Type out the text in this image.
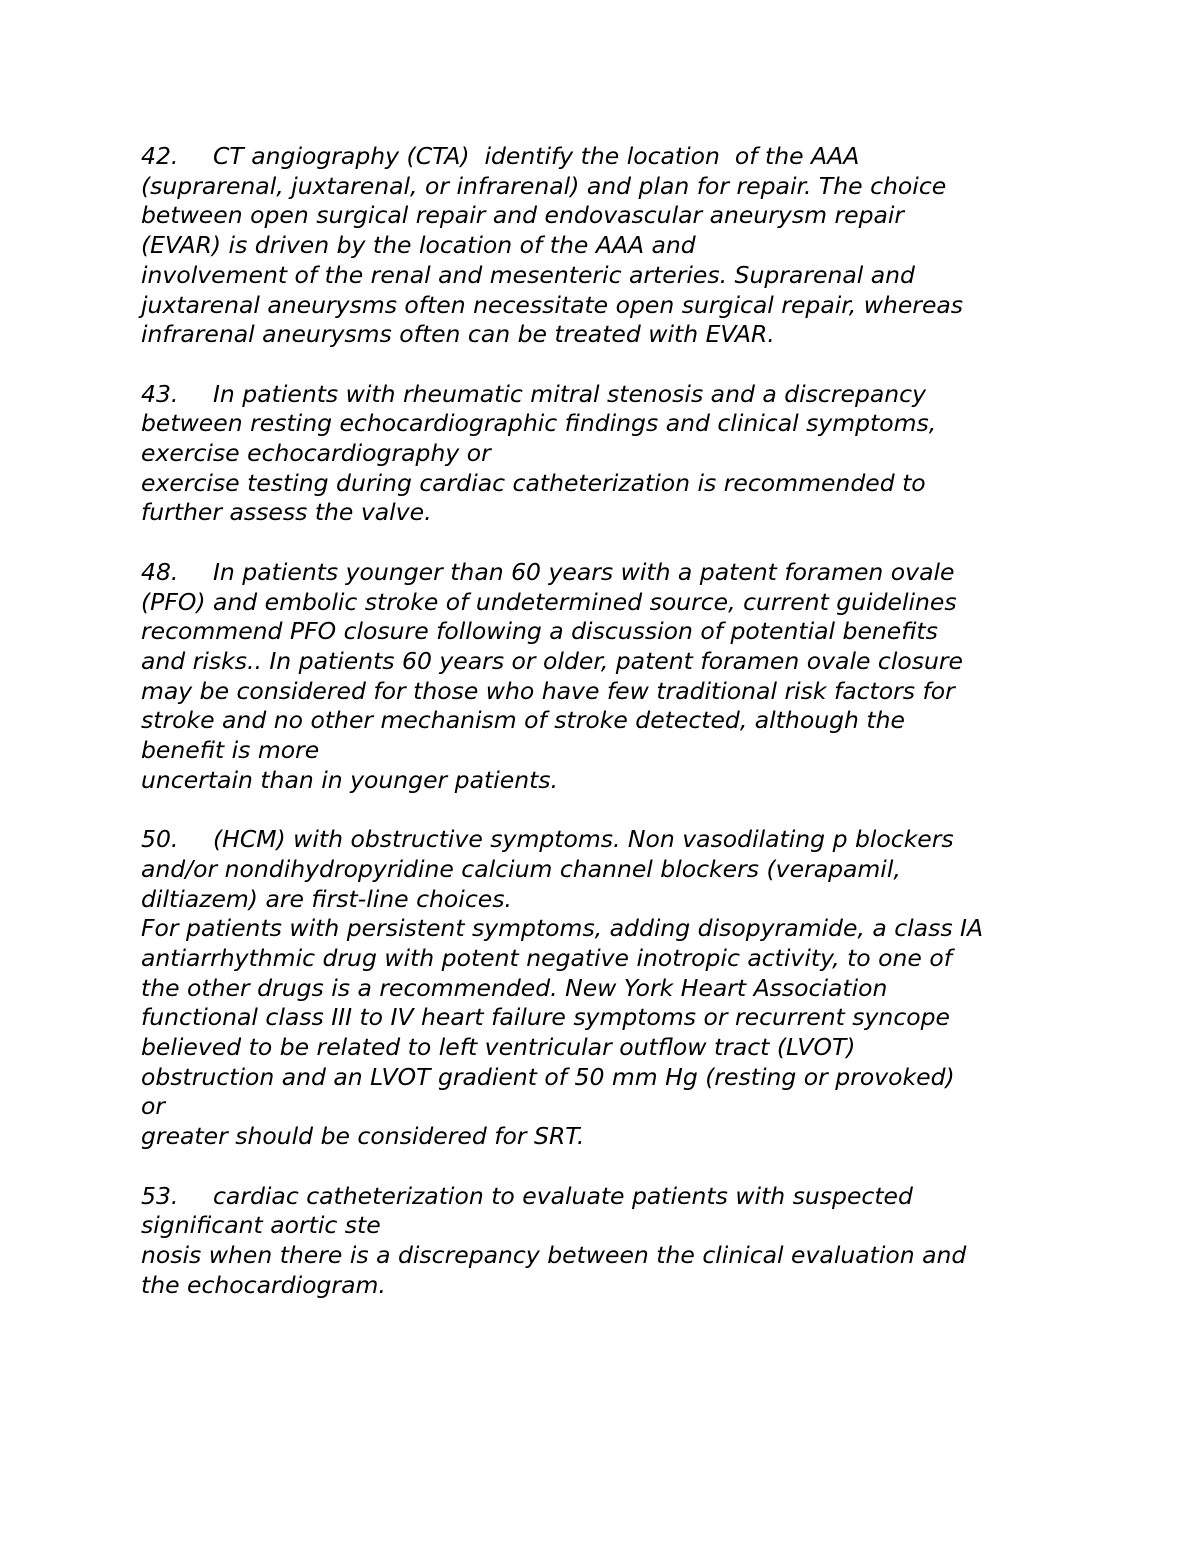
42. CT angiography (CTA)  identify the location  of the AAA
(suprarenal, juxtarenal, or infrarenal) and plan for repair. The choice
between open surgical repair and endovascular aneurysm repair
(EVAR) is driven by the location of the AAA and
involvement of the renal and mesenteric arteries. Suprarenal and
juxtarenal aneurysms often necessitate open surgical repair, whereas
infrarenal aneurysms often can be treated with EVAR.
43. In patients with rheumatic mitral stenosis and a discrepancy
between resting echocardiographic findings and clinical symptoms,
exercise echocardiography or
exercise testing during cardiac catheterization is recommended to
further assess the valve.
48. In patients younger than 60 years with a patent foramen ovale
(PFO) and embolic stroke of undetermined source, current guidelines
recommend PFO closure following a discussion of potential benefits
and risks.. In patients 60 years or older, patent foramen ovale closure
may be considered for those who have few traditional risk factors for
stroke and no other mechanism of stroke detected, although the
benefit is more
uncertain than in younger patients.
50. (HCM) with obstructive symptoms. Non vasodilating p blockers
and/or nondihydropyridine calcium channel blockers (verapamil,
diltiazem) are first-line choices.
For patients with persistent symptoms, adding disopyramide, a class IA
antiarrhythmic drug with potent negative inotropic activity, to one of
the other drugs is a recommended. New York Heart Association
functional class III to IV heart failure symptoms or recurrent syncope
believed to be related to left ventricular outflow tract (LVOT)
obstruction and an LVOT gradient of 50 mm Hg (resting or provoked)
or
greater should be considered for SRT.
53. cardiac catheterization to evaluate patients with suspected
significant aortic ste
nosis when there is a discrepancy between the clinical evaluation and
the echocardiogram.
